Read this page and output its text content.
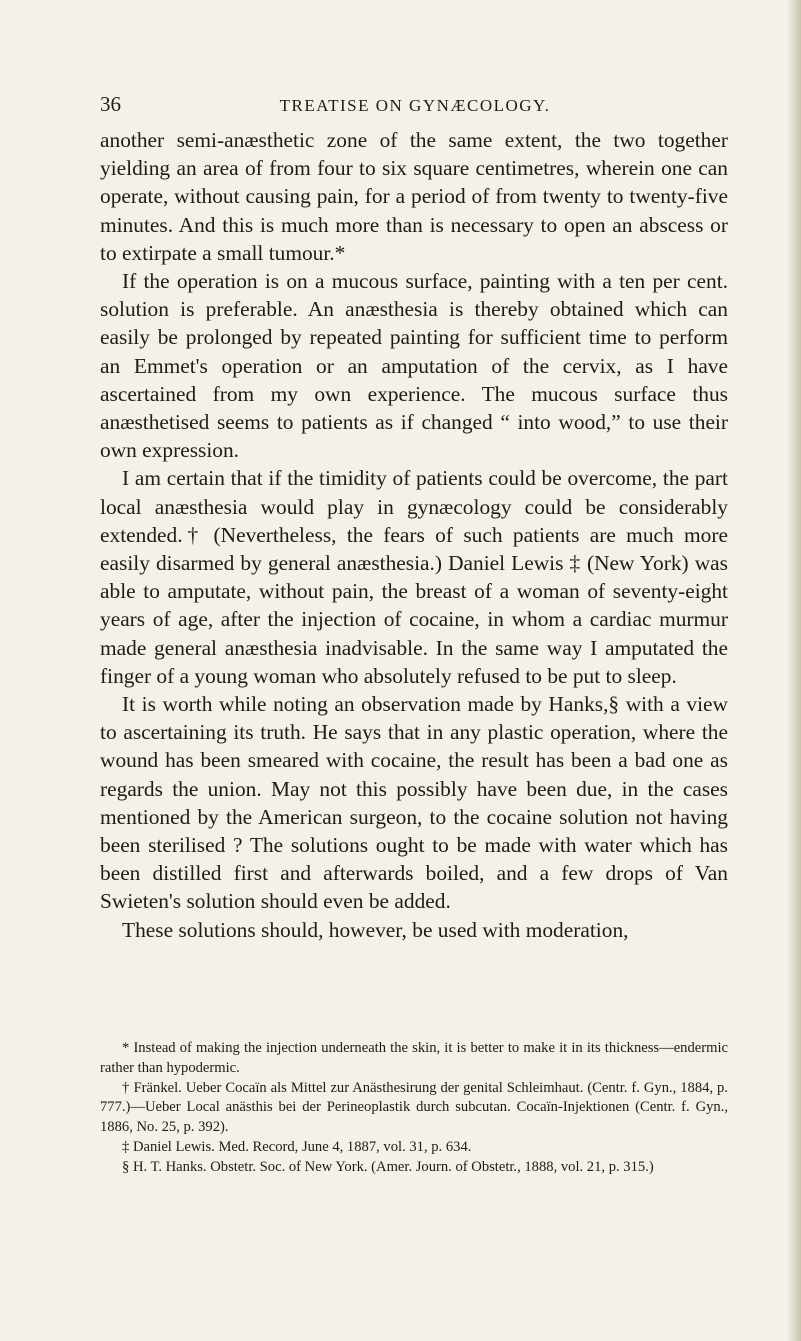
36	TREATISE ON GYNÆCOLOGY.

another semi-anæsthetic zone of the same extent, the two together yielding an area of from four to six square centimetres, wherein one can operate, without causing pain, for a period of from twenty to twenty-five minutes. And this is much more than is necessary to open an abscess or to extirpate a small tumour.*

If the operation is on a mucous surface, painting with a ten per cent. solution is preferable. An anæsthesia is thereby obtained which can easily be prolonged by repeated painting for sufficient time to perform an Emmet's operation or an amputation of the cervix, as I have ascertained from my own experience. The mucous surface thus anæsthetised seems to patients as if changed “ into wood,” to use their own expression.

I am certain that if the timidity of patients could be overcome, the part local anæsthesia would play in gynæcology could be considerably extended.† (Nevertheless, the fears of such patients are much more easily disarmed by general anæsthesia.) Daniel Lewis ‡ (New York) was able to amputate, without pain, the breast of a woman of seventy-eight years of age, after the injection of cocaine, in whom a cardiac murmur made general anæsthesia inadvisable. In the same way I amputated the finger of a young woman who absolutely refused to be put to sleep.

It is worth while noting an observation made by Hanks,§ with a view to ascertaining its truth. He says that in any plastic operation, where the wound has been smeared with cocaine, the result has been a bad one as regards the union. May not this possibly have been due, in the cases mentioned by the American surgeon, to the cocaine solution not having been sterilised ? The solutions ought to be made with water which has been distilled first and afterwards boiled, and a few drops of Van Swieten's solution should even be added.

These solutions should, however, be used with moderation,

* Instead of making the injection underneath the skin, it is better to make it in its thickness—endermic rather than hypodermic.

† Fränkel. Ueber Cocaïn als Mittel zur Anästhesirung der genital Schleimhaut. (Centr. f. Gyn., 1884, p. 777.)—Ueber Local anästhis bei der Perineoplastik durch subcutan. Cocaïn-Injektionen (Centr. f. Gyn., 1886, No. 25, p. 392).

‡ Daniel Lewis. Med. Record, June 4, 1887, vol. 31, p. 634.

§ H. T. Hanks. Obstetr. Soc. of New York. (Amer. Journ. of Obstetr., 1888, vol. 21, p. 315.)
